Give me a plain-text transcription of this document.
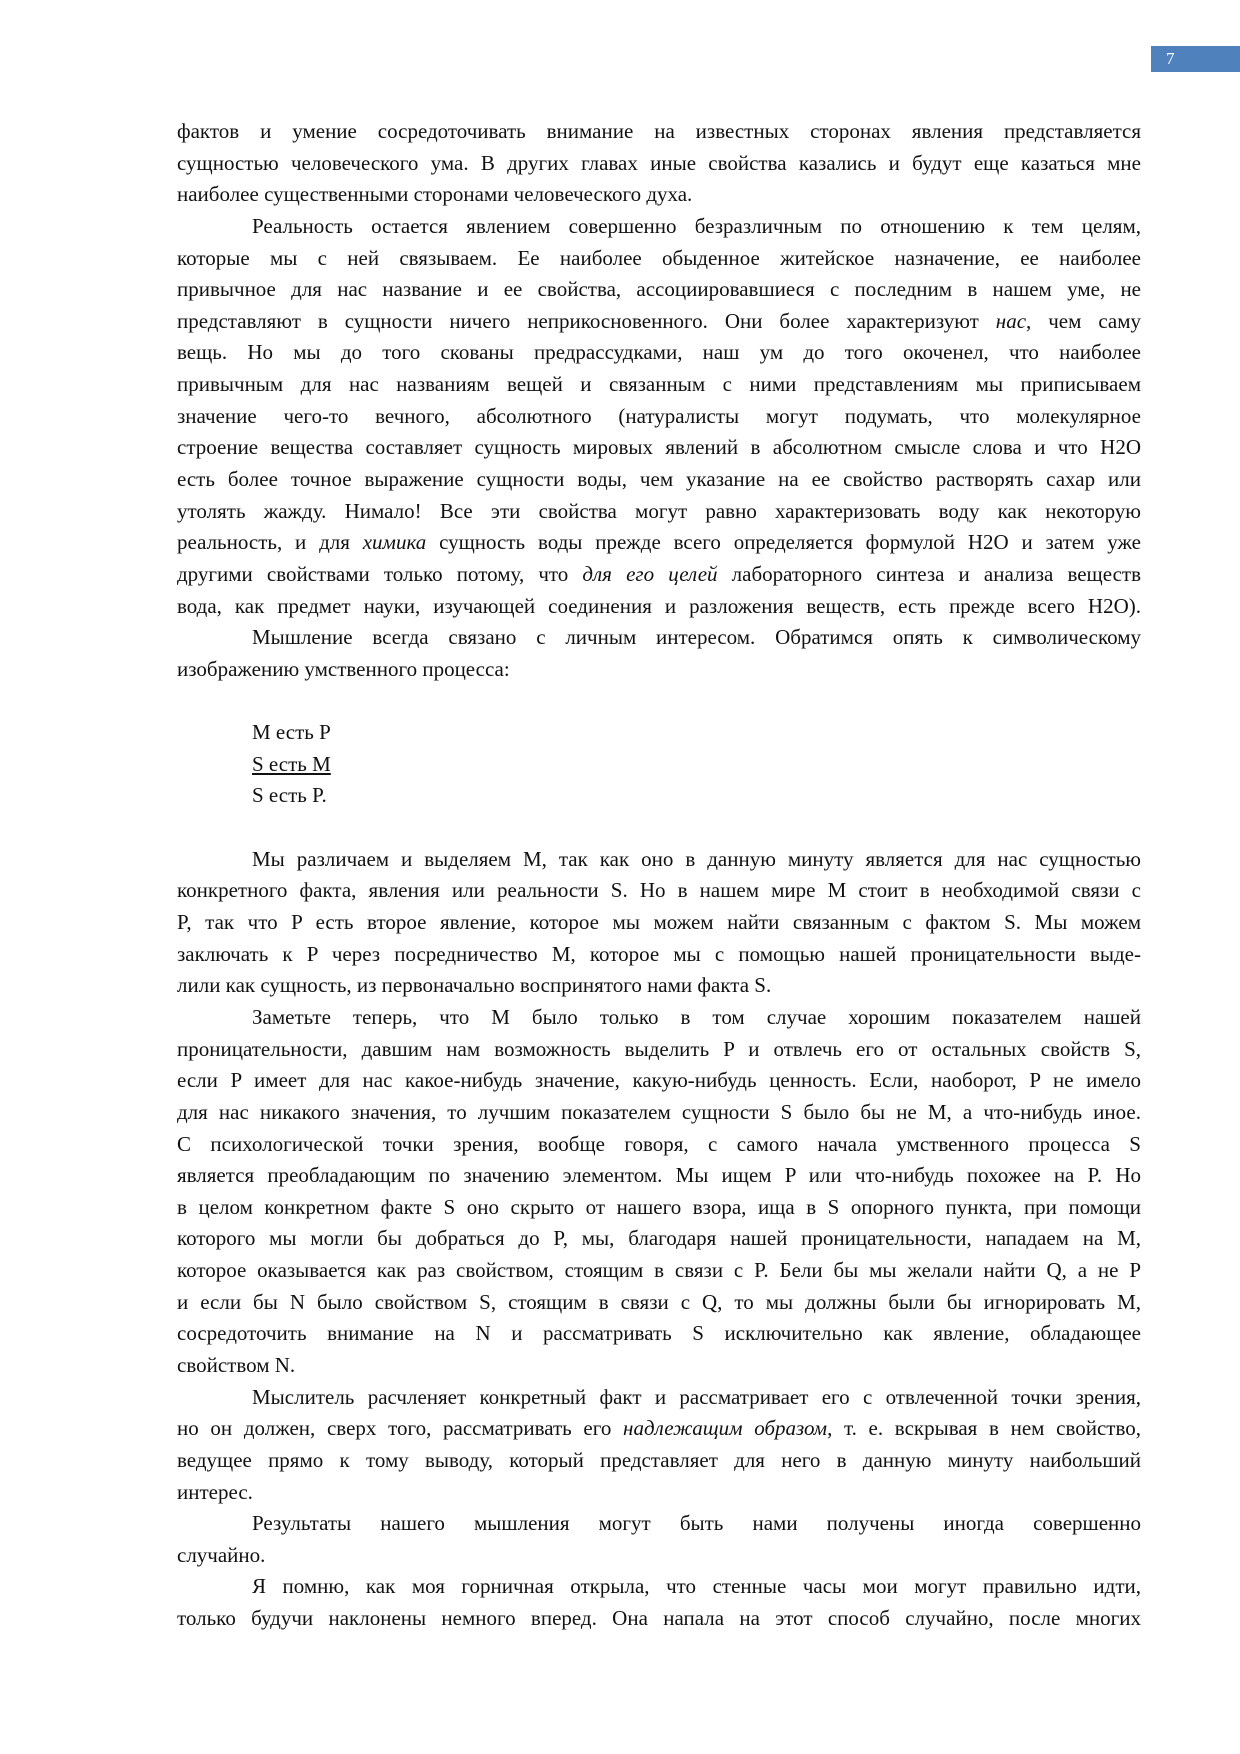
7
фактов и умение сосредоточивать внимание на известных сторонах явления представляется
сущностью человеческого ума. В других главах иные свойства казались и будут еще казаться мне
наиболее существенными сторонами человеческого духа.
Реальность остается явлением совершенно безразличным по отношению к тем целям,
которые мы с ней связываем. Ее наиболее обыденное житейское назначение, ее наиболее
привычное для нас название и ее свойства, ассоциировавшиеся с последним в нашем уме, не
представляют в сущности ничего неприкосновенного. Они более характеризуют нас, чем саму
вещь. Но мы до того скованы предрассудками, наш ум до того окоченел, что наиболее
привычным для нас названиям вещей и связанным с ними представлениям мы приписываем
значение чего-то вечного, абсолютного (натуралисты могут подумать, что молекулярное
строение вещества составляет сущность мировых явлений в абсолютном смысле слова и что H2O
есть более точное выражение сущности воды, чем указание на ее свойство растворять сахар или
утолять жажду. Нимало! Все эти свойства могут равно характеризовать воду как некоторую
реальность, и для химика сущность воды прежде всего определяется формулой H2O и затем уже
другими свойствами только потому, что для его целей лабораторного синтеза и анализа веществ
вода, как предмет науки, изучающей соединения и разложения веществ, есть прежде всего H2O).
Мышление всегда связано с личным интересом. Обратимся опять к символическому
изображению умственного процесса:
M есть P
S есть M
S есть P.
Мы различаем и выделяем M, так как оно в данную минуту является для нас сущностью
конкретного факта, явления или реальности S. Но в нашем мире M стоит в необходимой связи с
P, так что P есть второе явление, которое мы можем найти связанным с фактом S. Мы можем
заключать к P через посредничество M, которое мы с помощью нашей проницательности выде-
лили как сущность, из первоначально воспринятого нами факта S.
Заметьте теперь, что M было только в том случае хорошим показателем нашей
проницательности, давшим нам возможность выделить P и отвлечь его от остальных свойств S,
если P имеет для нас какое-нибудь значение, какую-нибудь ценность. Если, наоборот, P не имело
для нас никакого значения, то лучшим показателем сущности S было бы не M, а что-нибудь иное.
С психологической точки зрения, вообще говоря, с самого начала умственного процесса S
является преобладающим по значению элементом. Мы ищем P или что-нибудь похожее на P. Но
в целом конкретном факте S оно скрыто от нашего взора, ища в S опорного пункта, при помощи
которого мы могли бы добраться до P, мы, благодаря нашей проницательности, нападаем на M,
которое оказывается как раз свойством, стоящим в связи с P. Бели бы мы желали найти Q, а не P
и если бы N было свойством S, стоящим в связи с Q, то мы должны были бы игнорировать M,
сосредоточить внимание на N и рассматривать S исключительно как явление, обладающее
свойством N.
Мыслитель расчленяет конкретный факт и рассматривает его с отвлеченной точки зрения,
но он должен, сверх того, рассматривать его надлежащим образом, т. е. вскрывая в нем свойство,
ведущее прямо к тому выводу, который представляет для него в данную минуту наибольший
интерес.
Результаты нашего мышления могут быть нами получены иногда совершенно
случайно.
Я помню, как моя горничная открыла, что стенные часы мои могут правильно идти,
только будучи наклонены немного вперед. Она напала на этот способ случайно, после многих
